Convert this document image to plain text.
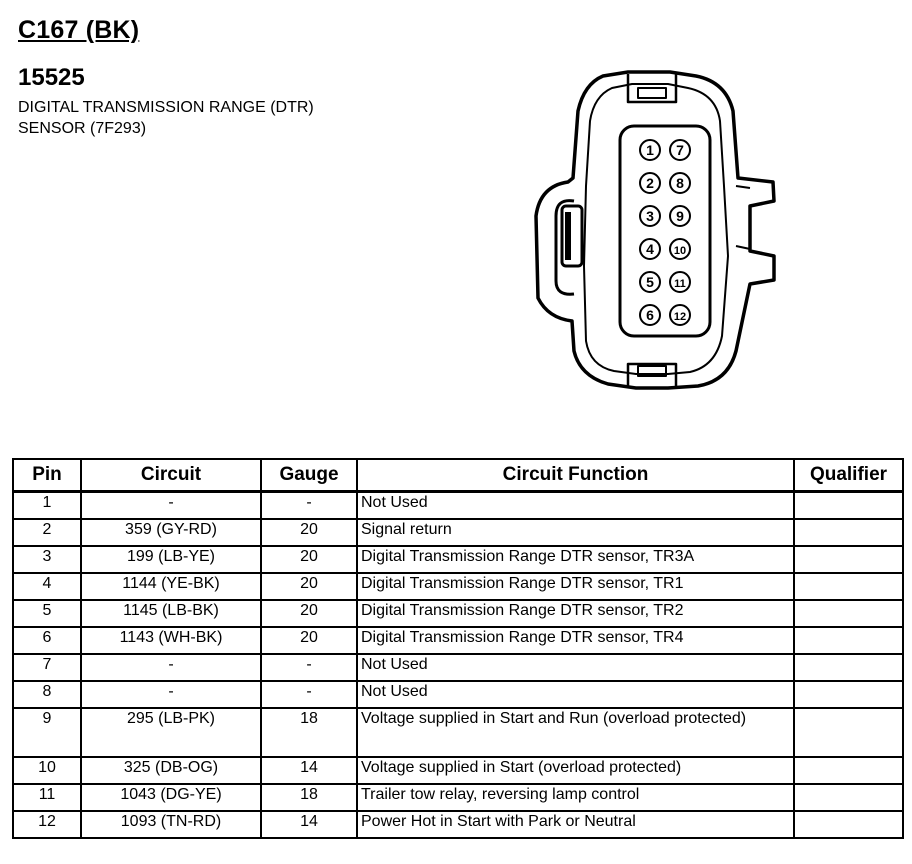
C167 (BK)
15525
DIGITAL TRANSMISSION RANGE (DTR)
SENSOR (7F293)
1
2
3
4
5
6
7
8
9
10
11
12
Pin	Circuit	Gauge	Circuit Function	Qualifier
1	-	-	Not Used	
2	359 (GY-RD)	20	Signal return	
3	199 (LB-YE)	20	Digital Transmission Range DTR sensor, TR3A	
4	1144 (YE-BK)	20	Digital Transmission Range DTR sensor, TR1	
5	1145 (LB-BK)	20	Digital Transmission Range DTR sensor, TR2	
6	1143 (WH-BK)	20	Digital Transmission Range DTR sensor, TR4	
7	-	-	Not Used	
8	-	-	Not Used	
9	295 (LB-PK)	18	Voltage supplied in Start and Run (overload protected)	
10	325 (DB-OG)	14	Voltage supplied in Start (overload protected)	
11	1043 (DG-YE)	18	Trailer tow relay, reversing lamp control	
12	1093 (TN-RD)	14	Power Hot in Start with Park or Neutral	
